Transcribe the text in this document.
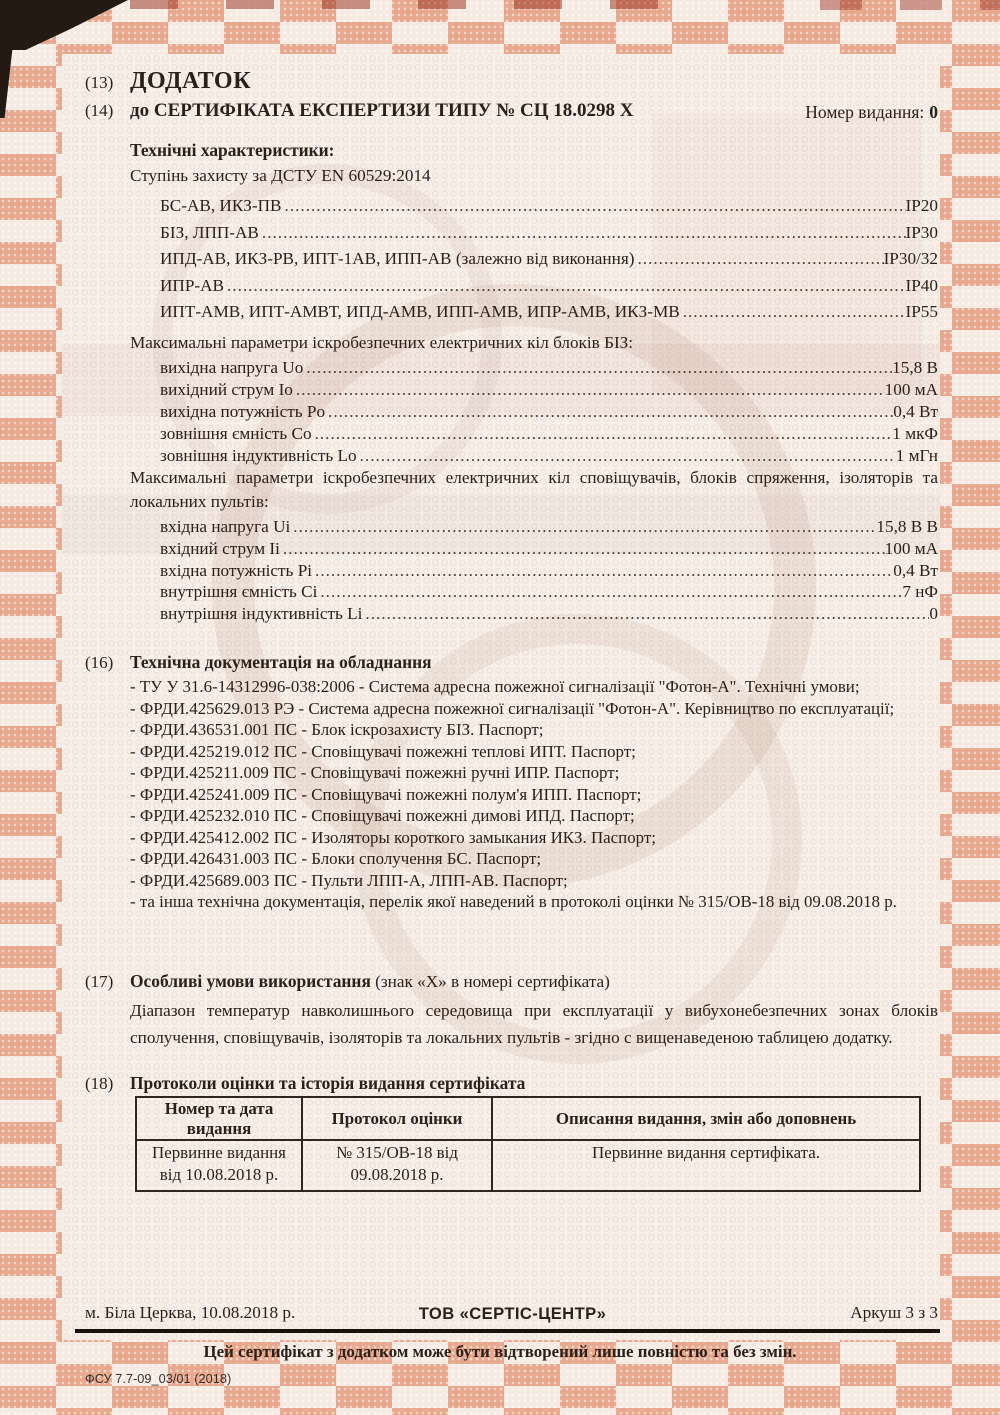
(13) ДОДАТОК
(14) до СЕРТИФІКАТА ЕКСПЕРТИЗИ ТИПУ № СЦ 18.0298 Х	Номер видання: 0
Технічні характеристики:
Ступінь захисту за ДСТУ EN 60529:2014
БС-АВ, ИКЗ-ПВ .....	IP20
БІЗ, ЛПП-АВ .....	IP30
ИПД-АВ, ИКЗ-РВ, ИПТ-1АВ, ИПП-АВ (залежно від виконання) .....	IP30/32
ИПР-АВ .....	IP40
ИПТ-АМВ, ИПТ-АМВТ, ИПД-АМВ, ИПП-АМВ, ИПР-АМВ, ИКЗ-МВ .....	IP55
Максимальні параметри іскробезпечних електричних кіл блоків БІЗ:
вихідна напруга Uo .....	15,8 В
вихідний струм Io .....	100 мА
вихідна потужність Po .....	0,4 Вт
зовнішня ємність Co .....	1 мкФ
зовнішня індуктивність Lo .....	1 мГн
Максимальні параметри іскробезпечних електричних кіл сповіщувачів, блоків спряження, ізоляторів та локальних пультів:
вхідна напруга Ui .....	15,8 В В
вхідний струм Ii .....	100 мА
вхідна потужність Pi .....	0,4 Вт
внутрішня ємність Ci .....	7 нФ
внутрішня індуктивність Li .....	0
(16) Технічна документація на обладнання
- ТУ У 31.6-14312996-038:2006 - Система адресна пожежної сигналізації "Фотон-А". Технічні умови;
- ФРДИ.425629.013 РЭ - Система адресна пожежної сигналізації "Фотон-А". Керівництво по експлуатації;
- ФРДИ.436531.001 ПС - Блок іскрозахисту БІЗ. Паспорт;
- ФРДИ.425219.012 ПС - Сповіщувачі пожежні теплові ИПТ. Паспорт;
- ФРДИ.425211.009 ПС - Сповіщувачі пожежні ручні ИПР. Паспорт;
- ФРДИ.425241.009 ПС - Сповіщувачі пожежні полум'я ИПП. Паспорт;
- ФРДИ.425232.010 ПС - Сповіщувачі пожежні димові ИПД. Паспорт;
- ФРДИ.425412.002 ПС - Изоляторы короткого замыкания ИКЗ. Паспорт;
- ФРДИ.426431.003 ПС - Блоки сполучення БС. Паспорт;
- ФРДИ.425689.003 ПС - Пульти ЛПП-А, ЛПП-АВ. Паспорт;
- та інша технічна документація, перелік якої наведений в протоколі оцінки № 315/ОВ-18 від 09.08.2018 р.
(17) Особливі умови використання (знак «Х» в номері сертифіката)
Діапазон температур навколишнього середовища при експлуатації у вибухонебезпечних зонах блоків сполучення, сповіщувачів, ізоляторів та локальних пультів - згідно с вищенаведеною таблицею додатку.
(18) Протоколи оцінки та історія видання сертифіката
Номер та дата видання	Протокол оцінки	Описання видання, змін або доповнень
Первинне видання від 10.08.2018 р.	№ 315/ОВ-18 від 09.08.2018 р.	Первинне видання сертифіката.
м. Біла Церква, 10.08.2018 р.	ТОВ «СЕРТІС-ЦЕНТР»	Аркуш 3 з 3
Цей сертифікат з додатком може бути відтворений лише повністю та без змін.
ФСУ 7.7-09_03/01 (2018)
